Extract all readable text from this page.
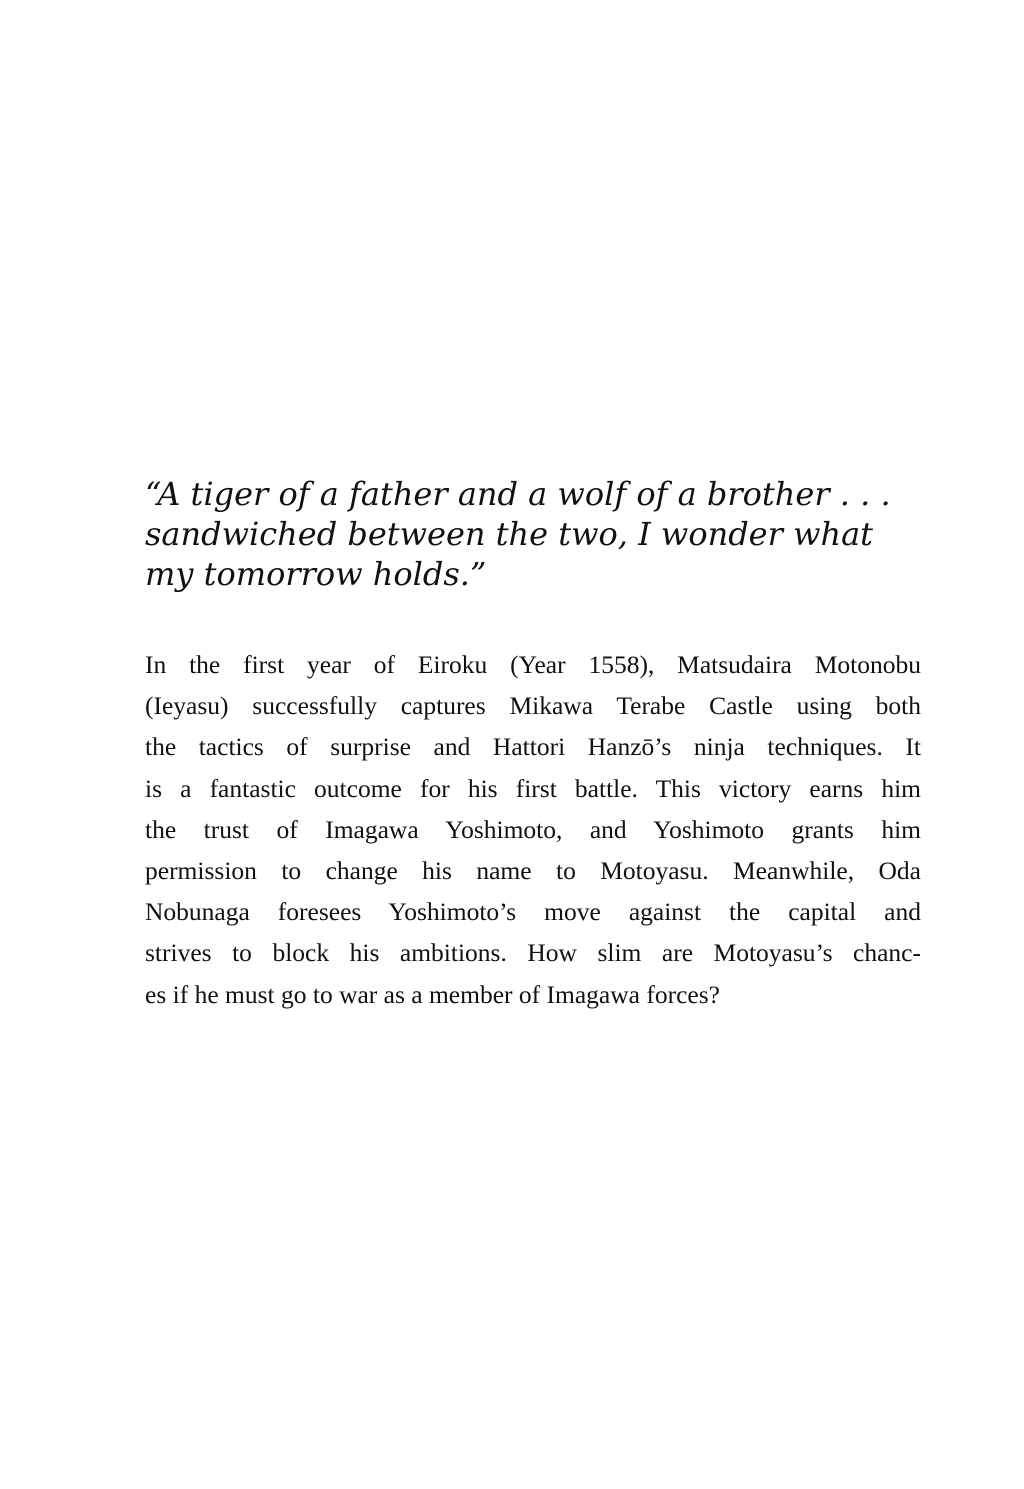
“A tiger of a father and a wolf of a brother . . .
sandwiched between the two, I wonder what
my tomorrow holds.”

In the first year of Eiroku (Year 1558), Matsudaira Motonobu
(Ieyasu) successfully captures Mikawa Terabe Castle using both
the tactics of surprise and Hattori Hanzō’s ninja techniques. It
is a fantastic outcome for his first battle. This victory earns him
the trust of Imagawa Yoshimoto, and Yoshimoto grants him
permission to change his name to Motoyasu. Meanwhile, Oda
Nobunaga foresees Yoshimoto’s move against the capital and
strives to block his ambitions. How slim are Motoyasu’s chanc-
es if he must go to war as a member of Imagawa forces?
